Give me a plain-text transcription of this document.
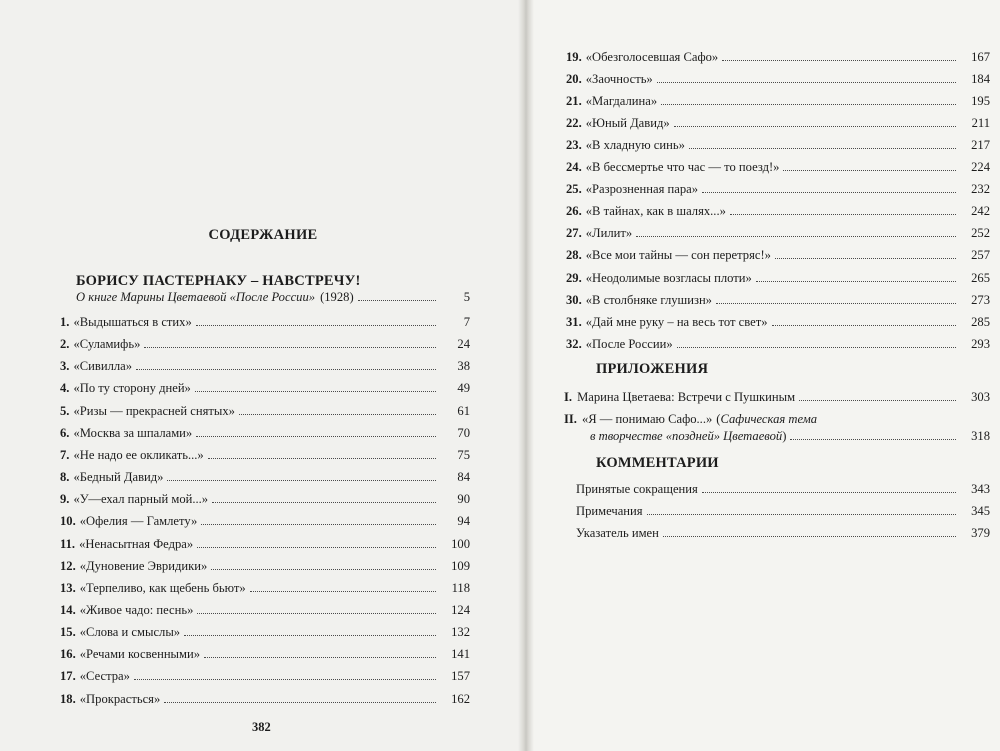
СОДЕРЖАНИЕ
БОРИСУ ПАСТЕРНАКУ – НАВСТРЕЧУ!
О книге Марины Цветаевой «После России» (1928)	5
1. «Выдышаться в стих»	7
2. «Суламифь»	24
3. «Сивилла»	38
4. «По ту сторону дней»	49
5. «Ризы — прекрасней снятых»	61
6. «Москва за шпалами»	70
7. «Не надо ее окликать...»	75
8. «Бедный Давид»	84
9. «У—ехал парный мой...»	90
10. «Офелия — Гамлету»	94
11. «Ненасытная Федра»	100
12. «Дуновение Эвридики»	109
13. «Терпеливо, как щебень бьют»	118
14. «Живое чадо: песнь»	124
15. «Слова и смыслы»	132
16. «Речами косвенными»	141
17. «Сестра»	157
18. «Прокрасться»	162
19. «Обезголосевшая Сафо»	167
20. «Заочность»	184
21. «Магдалина»	195
22. «Юный Давид»	211
23. «В хладную синь»	217
24. «В бессмертье что час — то поезд!»	224
25. «Разрозненная пара»	232
26. «В тайнах, как в шалях...»	242
27. «Лилит»	252
28. «Все мои тайны — сон перетряс!»	257
29. «Неодолимые возгласы плоти»	265
30. «В столбняке глушизн»	273
31. «Дай мне руку – на весь тот свет»	285
32. «После России»	293
ПРИЛОЖЕНИЯ
I. Марина Цветаева: Встречи с Пушкиным	303
II. «Я — понимаю Сафо...» ( Сафическая тема
в творчестве «поздней» Цветаевой )	318
КОММЕНТАРИИ
Принятые сокращения	343
Примечания	345
Указатель имен	379
382
